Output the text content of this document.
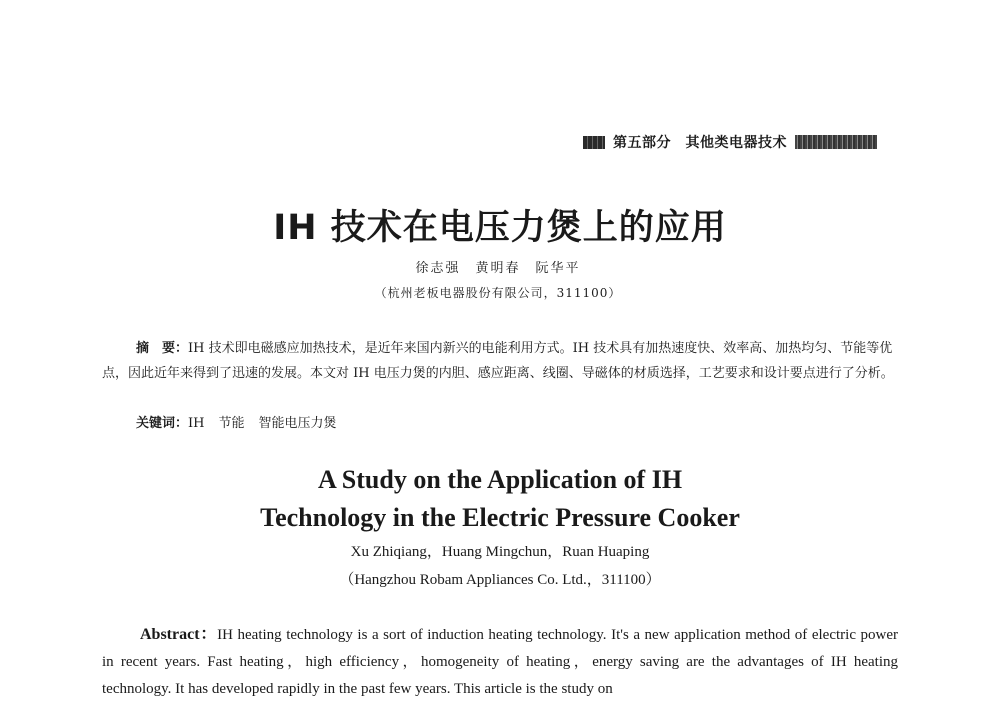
第五部分　其他类电器技术
IH 技术在电压力煲上的应用
徐志强　黄明春　阮华平
（杭州老板电器股份有限公司，311100）
摘　要：IH 技术即电磁感应加热技术，是近年来国内新兴的电能利用方式。IH 技术具有加热速度快、效率高、加热均匀、节能等优点，因此近年来得到了迅速的发展。本文对 IH 电压力煲的内胆、感应距离、线圈、导磁体的材质选择，工艺要求和设计要点进行了分析。
关键词：IH 节能 智能电压力煲
A Study on the Application of IH
Technology in the Electric Pressure Cooker
Xu Zhiqiang，Huang Mingchun，Ruan Huaping
（Hangzhou Robam Appliances Co. Ltd.，311100）
Abstract：IH heating technology is a sort of induction heating technology. It's a new application method of electric power in recent years. Fast heating，high efficiency，homogeneity of heating，energy saving are the advantages of IH heating technology. It has developed rapidly in the past few years. This article is the study on
